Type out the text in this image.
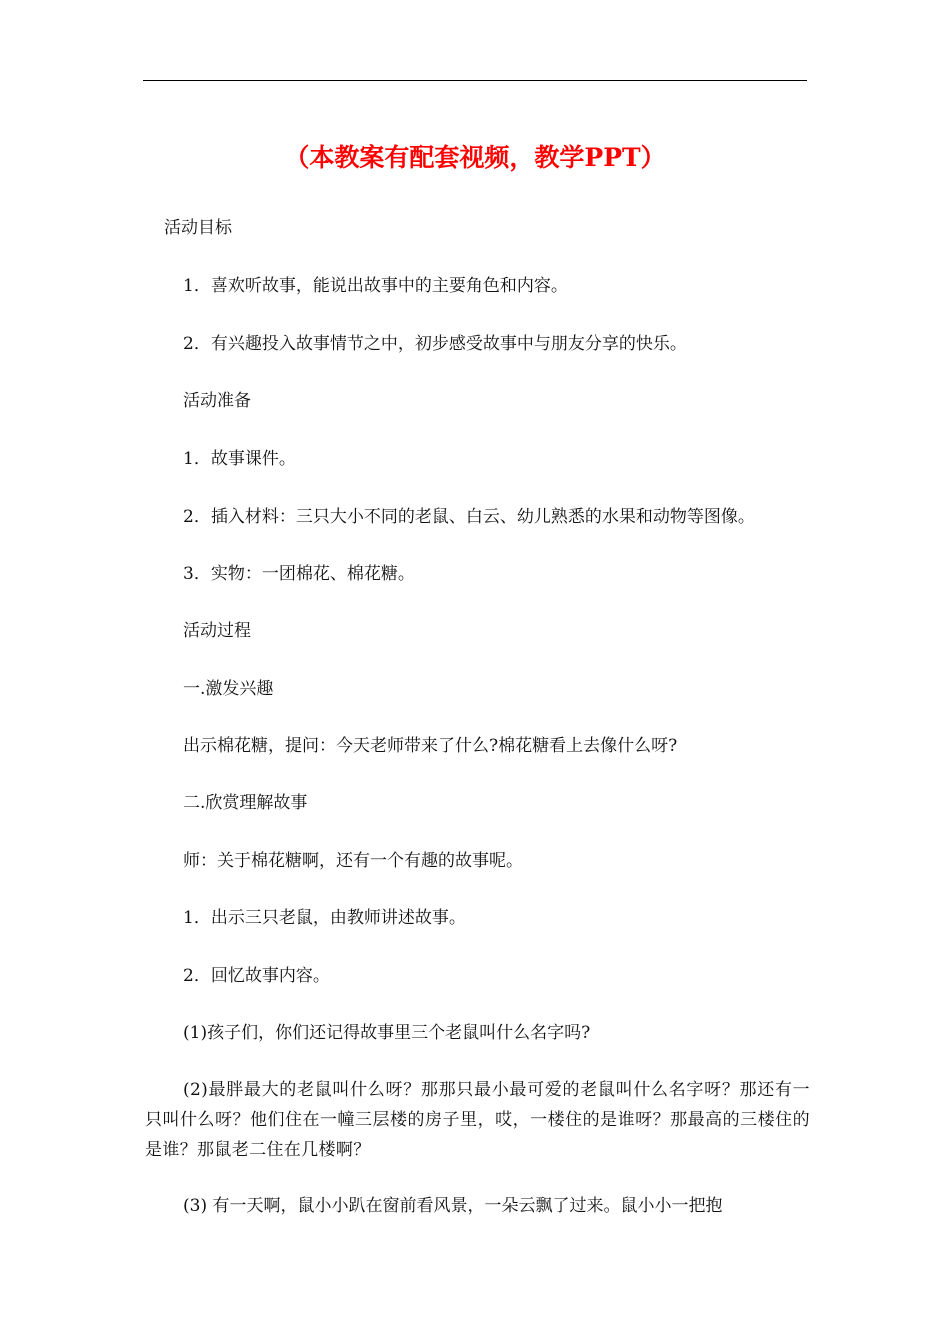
（本教案有配套视频，教学PPT）
活动目标
1．喜欢听故事，能说出故事中的主要角色和内容。
2．有兴趣投入故事情节之中，初步感受故事中与朋友分享的快乐。
活动准备
1．故事课件。
2．插入材料：三只大小不同的老鼠、白云、幼儿熟悉的水果和动物等图像。
3．实物：一团棉花、棉花糖。
活动过程
一.激发兴趣
出示棉花糖，提问：今天老师带来了什么?棉花糖看上去像什么呀?
二.欣赏理解故事
师：关于棉花糖啊，还有一个有趣的故事呢。
1．出示三只老鼠，由教师讲述故事。
2．回忆故事内容。
(1)孩子们，你们还记得故事里三个老鼠叫什么名字吗?
(2)最胖最大的老鼠叫什么呀？那那只最小最可爱的老鼠叫什么名字呀？那还有一只叫什么呀？他们住在一幢三层楼的房子里，哎，一楼住的是谁呀？那最高的三楼住的是谁？那鼠老二住在几楼啊？
(3) 有一天啊，鼠小小趴在窗前看风景，一朵云飘了过来。鼠小小一把抱
